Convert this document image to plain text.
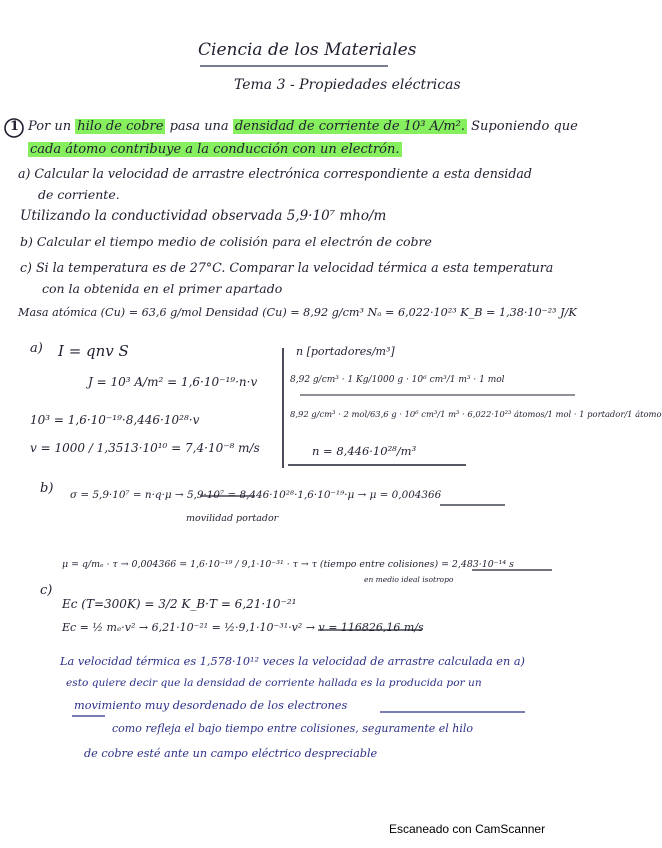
Ciencia de los Materiales
Tema 3 - Propiedades eléctricas
1 Por un hilo de cobre pasa una densidad de corriente de 10³ A/m². Suponiendo que
cada átomo contribuye a la conducción con un electrón.
a) Calcular la velocidad de arrastre electrónica correspondiente a esta densidad
de corriente.
Utilizando la conductividad observada 5,9·10⁷ mho/m
b) Calcular el tiempo medio de colisión para el electrón de cobre
c) Si la temperatura es de 27°C. Comparar la velocidad térmica a esta temperatura
con la obtenida en el primer apartado
Masa atómica (Cu) = 63,6 g/mol Densidad (Cu) = 8,92 g/cm³ Nₐ = 6,022·10²³ K_B = 1,38·10⁻²³ J/K
a) I = qnv S
J = 10³ A/m² = 1,6·10⁻¹⁹·n·v
10³ = 1,6·10⁻¹⁹·8,446·10²⁸·v
v = 1000 / 1,3513·10¹⁰ = 7,4·10⁻⁸ m/s
n [portadores/m³]
8,92 g/cm³ · 1 Kg/1000 g · 10⁶ cm³/1 m³ · 1 mol
8,92 g/cm³ · 2 mol/63,6 g · 10⁶ cm³/1 m³ · 6,022·10²³ átomos/1 mol · 1 portador/1 átomo
n = 8,446·10²⁸/m³
b) σ = 5,9·10⁷ = n·q·μ → 5,9·10⁷ = 8,446·10²⁸·1,6·10⁻¹⁹·μ → μ = 0,004366
movilidad portador
μ = q/mₑ · τ → 0,004366 = 1,6·10⁻¹⁹ / 9,1·10⁻³¹ · τ → τ (tiempo entre colisiones) = 2,483·10⁻¹⁴ s
en medio ideal isotropo
c)
Ec (T=300K) = 3/2 K_B·T = 6,21·10⁻²¹
Ec = ½ mₑ·v² → 6,21·10⁻²¹ = ½·9,1·10⁻³¹·v² → v = 116826,16 m/s
La velocidad térmica es 1,578·10¹² veces la velocidad de arrastre calculada en a)
esto quiere decir que la densidad de corriente hallada es la producida por un
movimiento muy desordenado de los electrones
como refleja el bajo tiempo entre colisiones, seguramente el hilo
de cobre esté ante un campo eléctrico despreciable
Escaneado con CamScanner
